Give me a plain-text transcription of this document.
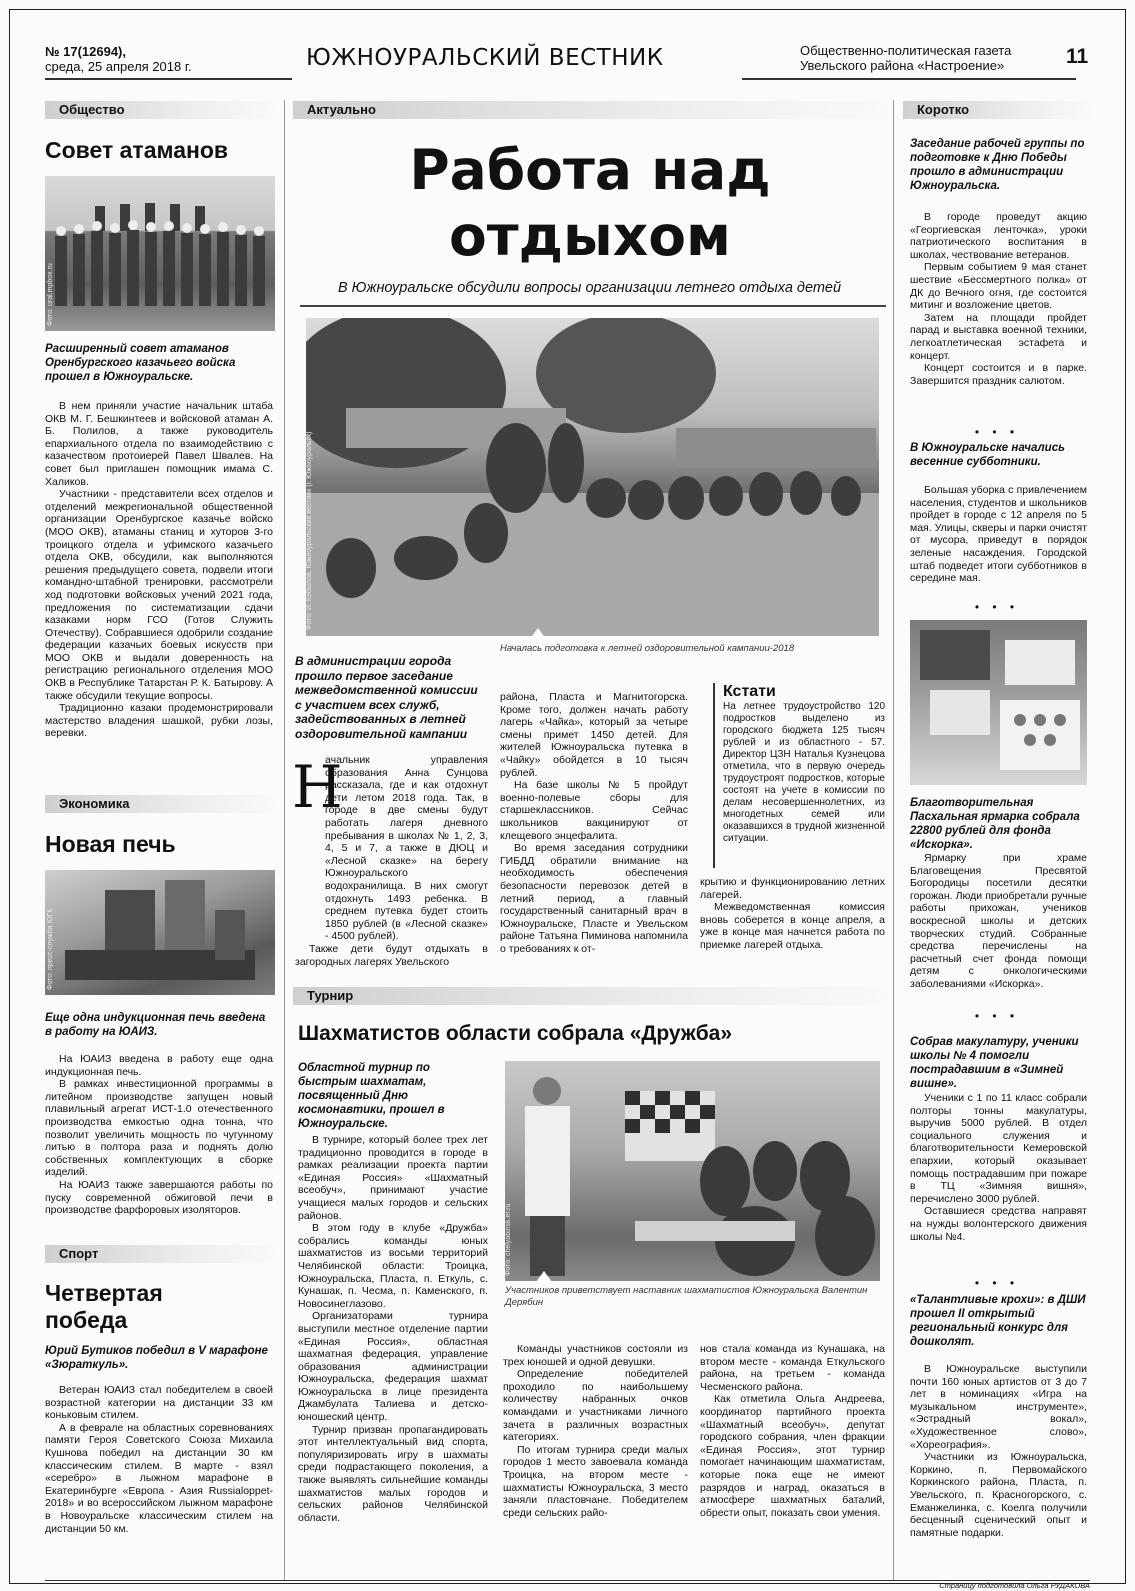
№ 17(12694),
среда, 25 апреля 2018 г.	ЮЖНОУРАЛЬСКИЙ ВЕСТНИК	Общественно-политическая газета
Увельского района «Настроение»	11
Общество
Совет атаманов
Фото: ural.mpbox.ru
Расширенный совет атаманов Оренбургского казачьего войска прошел в Южноуральске.

В нем приняли участие начальник штаба ОКВ М. Г. Бешкинтеев и войсковой атаман А. Б. Полилов, а также руководитель епархиального отдела по взаимодействию с казачеством протоиерей Павел Швалев. На совет был приглашен помощник имама С. Халиков.

Участники - представители всех отделов и отделений межрегиональной общественной организации Оренбургское казачье войско (МОО ОКВ), атаманы станиц и хуторов 3-го троицкого отдела и уфимского казачьего отдела ОКВ, обсудили, как выполняются решения предыдущего совета, подвели итоги командно-штабной тренировки, рассмотрели ход подготовки войсковых учений 2021 года, предложения по систематизации сдачи казаками норм ГСО (Готов Служить Отечеству). Собравшиеся одобрили создание федерации казачьих боевых искусств при МОО ОКВ и выдали доверенность на регистрацию регионального отделения МОО ОКВ в Республике Татарстан Р. К. Батырову. А также обсудили текущие вопросы.

Традиционно казаки продемонстрировали мастерство владения шашкой, рубки лозы, веревки.

Экономика
Новая печь
Фото: пресс-служба ЮГК
Еще одна индукционная печь введена в работу на ЮАИЗ.

На ЮАИЗ введена в работу еще одна индукционная печь.

В рамках инвестиционной программы в литейном производстве запущен новый плавильный агрегат ИСТ-1.0 отечественного производства емкостью одна тонна, что позволит увеличить мощность по чугунному литью в полтора раза и поднять долю собственных комплектующих в сборке изделий.

На ЮАИЗ также завершаются работы по пуску современной обжиговой печи в производстве фарфоровых изоляторов.

Спорт
Четвертая победа
Юрий Бутиков победил в V марафоне «Зюраткуль».

Ветеран ЮАИЗ стал победителем в своей возрастной категории на дистанции 33 км коньковым стилем.

А в феврале на областных соревнованиях памяти Героя Советского Союза Михаила Кушнова победил на дистанции 30 км классическим стилем. В марте - взял «серебро» в лыжном марафоне в Екатеринбурге «Европа - Азия Russialoppet-2018» и во всероссийском лыжном марафоне в Новоуральске классическим стилем на дистанции 50 км.

Актуально
Работа над
отдыхом
В Южноуральске обсудили вопросы организации летнего отдыха детей
Фото: И. Кобылов, Южноуральский вестник (г. Южноуральск)
Началась подготовка к летней оздоровительной кампании-2018
В администрации города прошло первое заседание межведомственной комиссии с участием всех служб, задействованных в летней оздоровительной кампании
Н

ачальник управления образования Анна Сунцова рассказала, где и как отдохнут дети летом 2018 года. Так, в городе в две смены будут работать лагеря дневного пребывания в школах № 1, 2, 3, 4, 5 и 7, а также в ДЮЦ и «Лесной сказке» на берегу Южноуральского водохранилища. В них смогут отдохнуть 1493 ребенка. В среднем путевка будет стоить 1850 рублей (в «Лесной сказке» - 4500 рублей).

Также дети будут отдыхать в загородных лагерях Увельского

района, Пласта и Магнитогорска. Кроме того, должен начать работу лагерь «Чайка», который за четыре смены примет 1450 детей. Для жителей Южноуральска путевка в «Чайку» обойдется в 10 тысяч рублей.

На базе школы № 5 пройдут военно-полевые сборы для старшеклассников. Сейчас школьников вакцинируют от клещевого энцефалита.

Во время заседания сотрудники ГИБДД обратили внимание на необходимость обеспечения безопасности перевозок детей в летний период, а главный государственный санитарный врач в Южноуральске, Пласте и Увельском районе Татьяна Пиминова напомнила о требованиях к от-

Кстати
На летнее трудоустройство 120 подростков выделено из городского бюджета 125 тысяч рублей и из областного - 57. Директор ЦЗН Наталья Кузнецова отметила, что в первую очередь трудоустроят подростков, которые состоят на учете в комиссии по делам несовершеннолетних, из многодетных семей или оказавшихся в трудной жизненной ситуации.

крытию и функционированию летних лагерей.

Межведомственная комиссия вновь соберется в конце апреля, а уже в конце мая начнется работа по приемке лагерей отдыха.

Турнир
Шахматистов области собрала «Дружба»
Областной турнир по быстрым шахматам, посвященный Дню космонавтики, прошел в Южноуральске.

В турнире, который более трех лет традиционно проводится в городе в рамках реализации проекта партии «Единая Россия» «Шахматный всеобуч», принимают участие учащиеся малых городов и сельских районов.

В этом году в клубе «Дружба» собрались команды юных шахматистов из восьми территорий Челябинской области: Троицка, Южноуральска, Пласта, п. Еткуль, с. Кунашак, п. Чесма, п. Каменского, п. Новосинеглазово.

Организаторами турнира выступили местное отделение партии «Единая Россия», областная шахматная федерация, управление образования администрации Южноуральска, федерация шахмат Южноуральска в лице президента Джамбулата Талиева и детско-юношеский центр.

Турнир призван пропагандировать этот интеллектуальный вид спорта, популяризировать игру в шахматы среди подрастающего поколения, а также выявлять сильнейшие команды шахматистов малых городов и сельских районов Челябинской области.

Фото: chelyabinsk.er.ru
Участников приветствует наставник шахматистов Южноуральска Валентин Дерябин

Команды участников состояли из трех юношей и одной девушки.

Определение победителей проходило по наибольшему количеству набранных очков командами и участниками личного зачета в различных возрастных категориях.

По итогам турнира среди малых городов 1 место завоевала команда Троицка, на втором месте - шахматисты Южноуральска, 3 место заняли пластовчане. Победителем среди сельских райо-

нов стала команда из Кунашака, на втором месте - команда Еткульского района, на третьем - команда Чесменского района.

Как отметила Ольга Андреева, координатор партийного проекта «Шахматный всеобуч», депутат городского собрания, член фракции «Единая Россия», этот турнир помогает начинающим шахматистам, которые пока еще не имеют разрядов и наград, оказаться в атмосфере шахматных баталий, обрести опыт, показать свои умения.

Коротко
Заседание рабочей группы по подготовке к Дню Победы прошло в администрации Южноуральска.

В городе проведут акцию «Георгиевская ленточка», уроки патриотического воспитания в школах, чествование ветеранов.

Первым событием 9 мая станет шествие «Бессмертного полка» от ДК до Вечного огня, где состоится митинг и возложение цветов.

Затем на площади пройдет парад и выставка военной техники, легкоатлетическая эстафета и концерт.

Концерт состоится и в парке. Завершится праздник салютом.

• • •
В Южноуральске начались весенние субботники.

Большая уборка с привлечением населения, студентов и школьников пройдет в городе с 12 апреля по 5 мая. Улицы, скверы и парки очистят от мусора, приведут в порядок зеленые насаждения. Городской штаб подведет итоги субботников в середине мая.

• • •
Благотворительная Пасхальная ярмарка собрала 22800 рублей для фонда «Искорка».

Ярмарку при храме Благовещения Пресвятой Богородицы посетили десятки горожан. Люди приобретали ручные работы прихожан, учеников воскресной школы и детских творческих студий. Собранные средства перечислены на расчетный счет фонда помощи детям с онкологическими заболеваниями «Искорка».

• • •
Собрав макулатуру, ученики школы № 4 помогли пострадавшим в «Зимней вишне».

Ученики с 1 по 11 класс собрали полторы тонны макулатуры, выручив 5000 рублей. В отдел социального служения и благотворительности Кемеровской епархии, который оказывает помощь пострадавшим при пожаре в ТЦ «Зимняя вишня», перечислено 3000 рублей.

Оставшиеся средства направят на нужды волонтерского движения школы №4.

• • •
«Талантливые крохи»: в ДШИ прошел II открытый региональный конкурс для дошколят.

В Южноуральске выступили почти 160 юных артистов от 3 до 7 лет в номинациях «Игра на музыкальном инструменте», «Эстрадный вокал», «Художественное слово», «Хореография».

Участники из Южноуральска, Коркино, п. Первомайского Коркинского района, Пласта, п. Увельского, п. Красногорского, с. Еманжелинка, с. Коелга получили бесценный сценический опыт и памятные подарки.

Страницу подготовила Ольга РУДАКОВА
